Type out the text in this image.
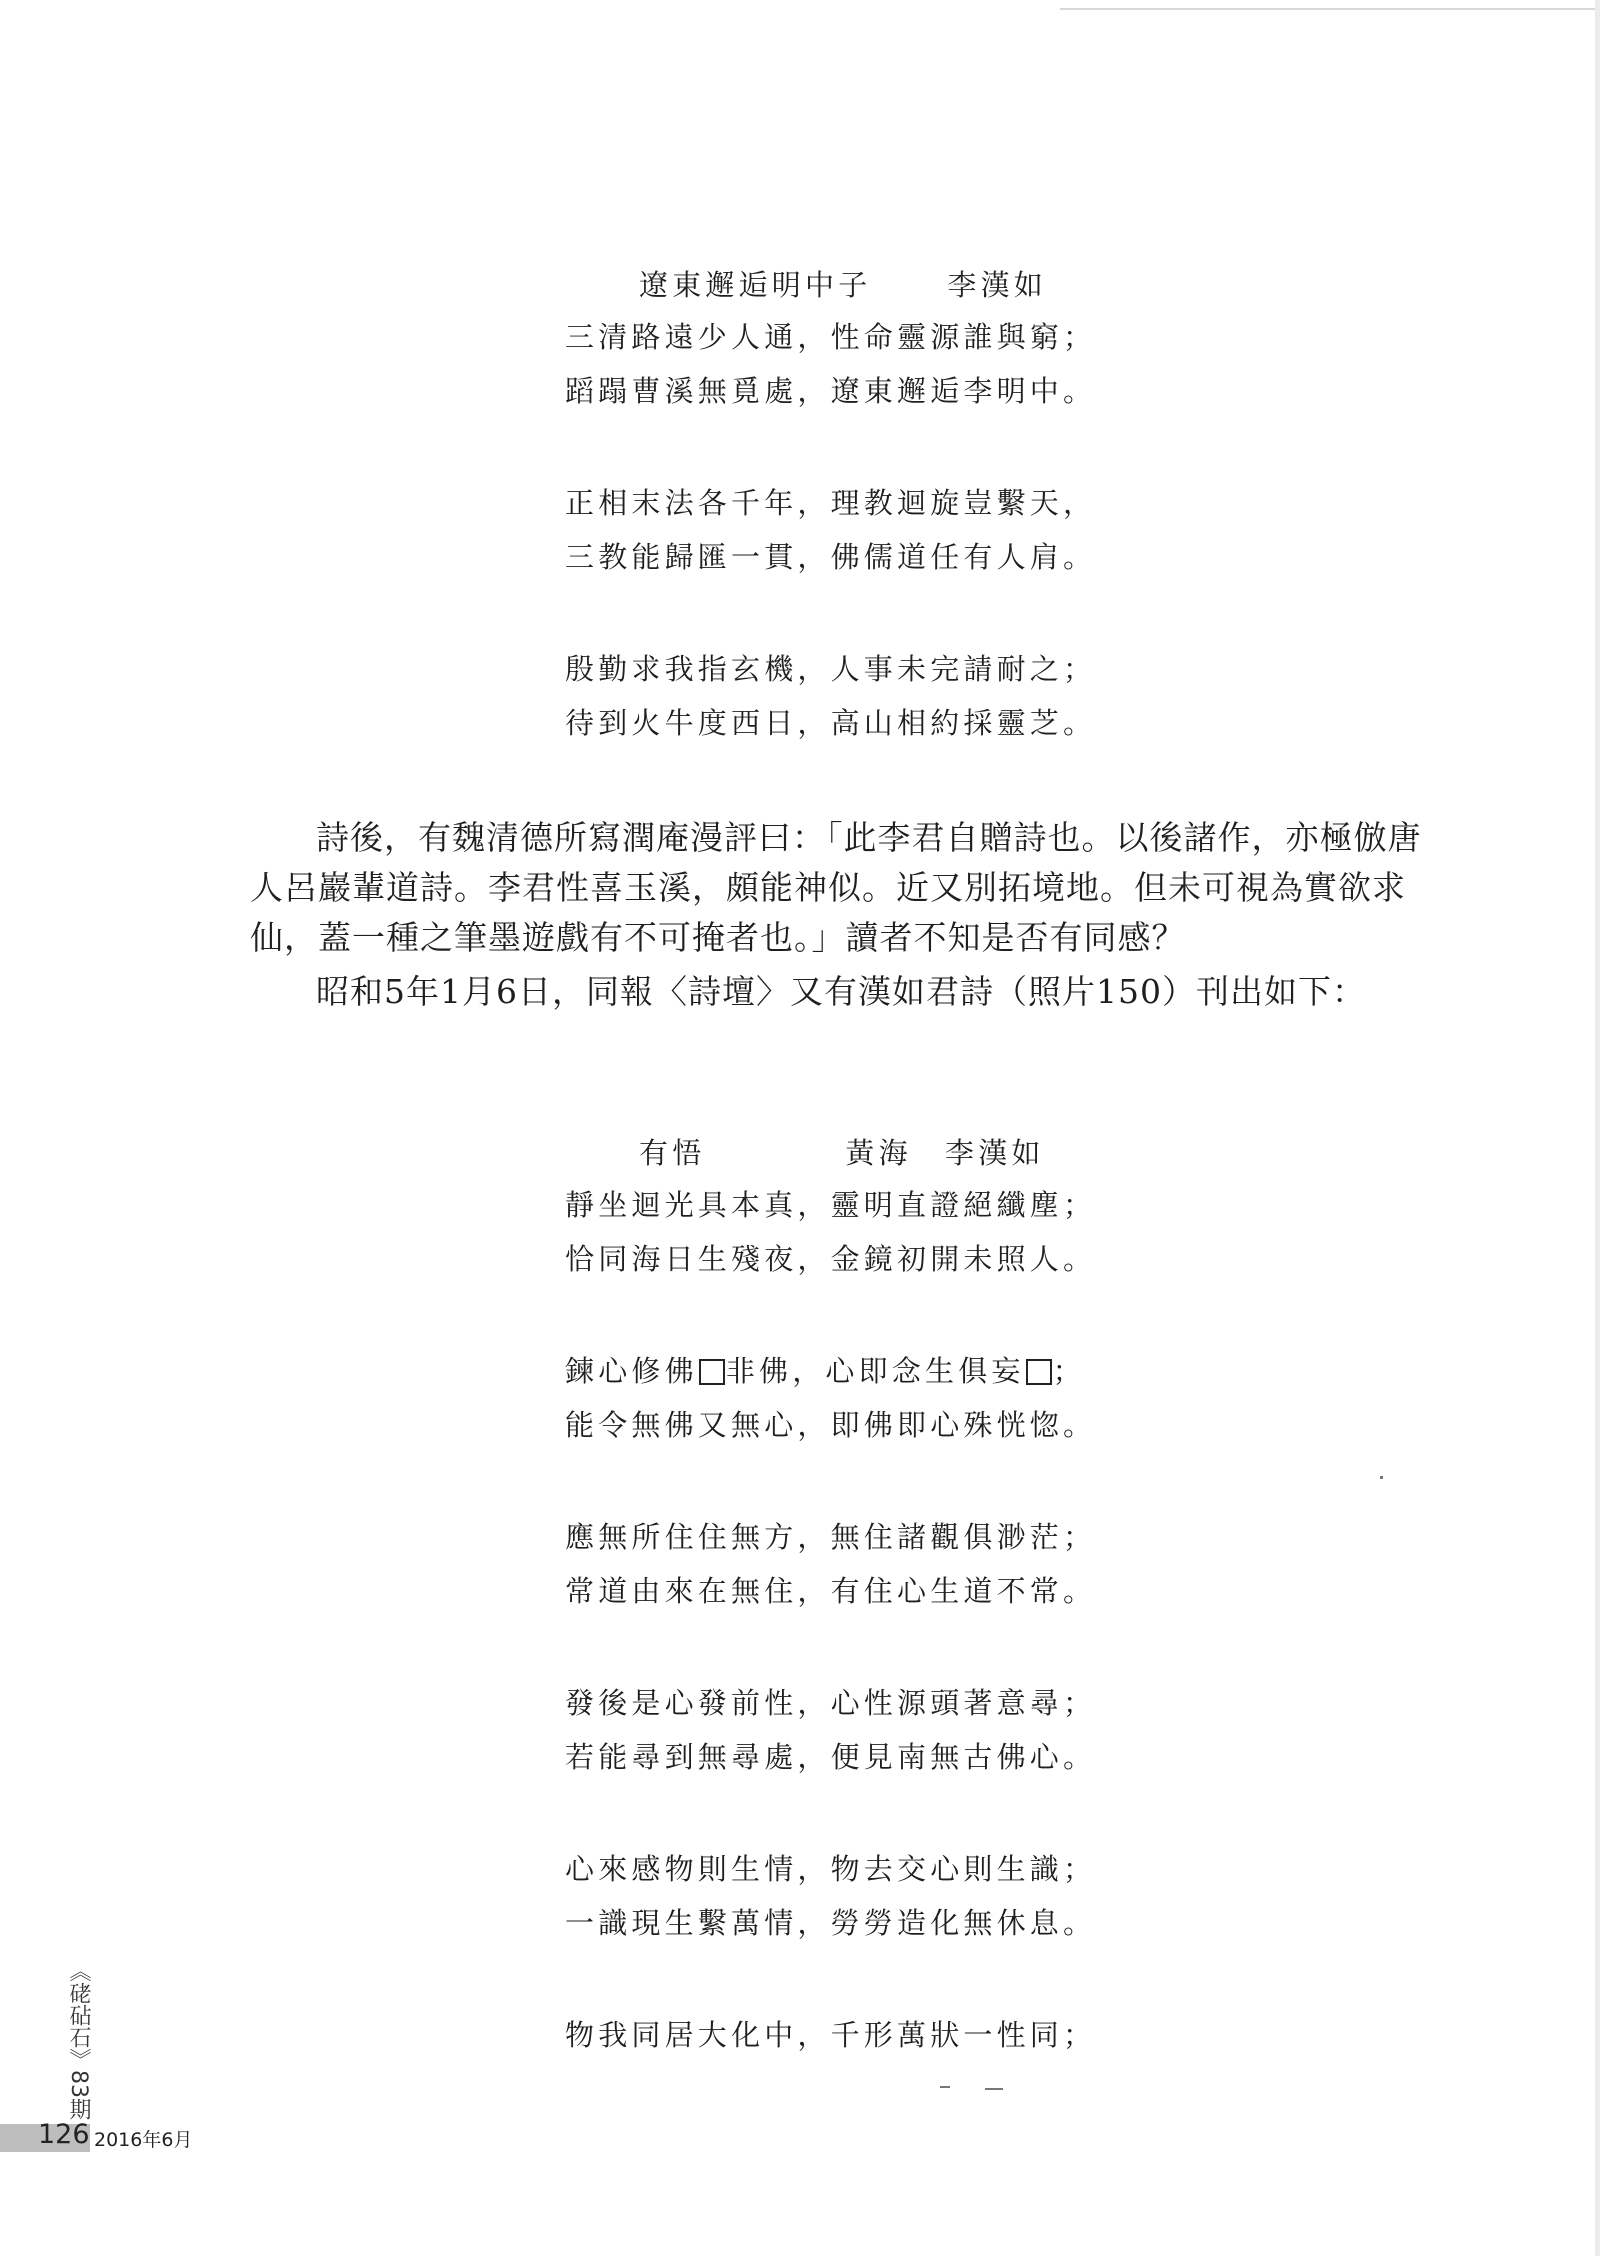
遼東邂逅明中子	李漢如
三清路遠少人通，性命靈源誰與窮；
蹈蹋曹溪無覓處，遼東邂逅李明中。
正相末法各千年，理教迴旋豈繫天，
三教能歸匯一貫，佛儒道任有人肩。
殷勤求我指玄機，人事未完請耐之；
待到火牛度西日，高山相約採靈芝。

詩後，有魏清德所寫潤庵漫評曰：「此李君自贈詩也。以後諸作，亦極倣唐人呂巖輩道詩。李君性喜玉溪，頗能神似。近又別拓境地。但未可視為實欲求仙，蓋一種之筆墨遊戲有不可掩者也。」讀者不知是否有同感？

昭和5年1月6日，同報〈詩壇〉又有漢如君詩（照片150）刊出如下：

有悟	黃海　李漢如
靜坐迴光具本真，靈明直證絕纖塵；
恰同海日生殘夜，金鏡初開未照人。
鍊心修佛 非佛，心即念生俱妄 ；
能令無佛又無心，即佛即心殊恍惚。
應無所住住無方，無住諸觀俱渺茫；
常道由來在無住，有住心生道不常。
發後是心發前性，心性源頭著意尋；
若能尋到無尋處，便見南無古佛心。
心來感物則生情，物去交心則生識；
一識現生繫萬情，勞勞造化無休息。
物我同居大化中，千形萬狀一性同；
《硓砧石》83期
126 2016年6月
